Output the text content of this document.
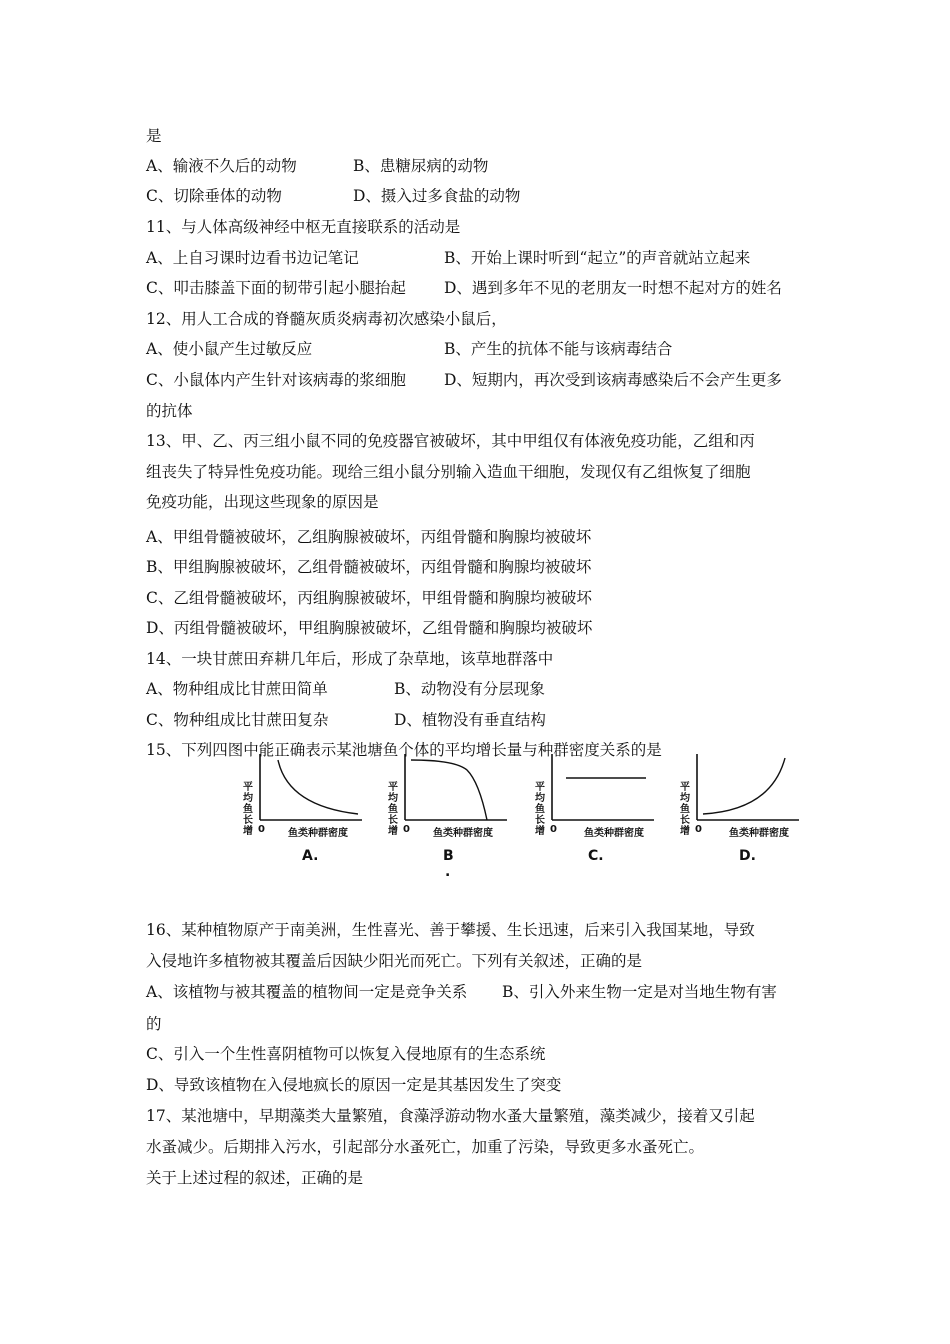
是
A、输液不久后的动物	B、患糖尿病的动物
C、切除垂体的动物	D、摄入过多食盐的动物
11、与人体高级神经中枢无直接联系的活动是
A、上自习课时边看书边记笔记	B、开始上课时听到“起立”的声音就站立起来
C、叩击膝盖下面的韧带引起小腿抬起 D、遇到多年不见的老朋友一时想不起对方的姓名
12、用人工合成的脊髓灰质炎病毒初次感染小鼠后，
A、使小鼠产生过敏反应	B、产生的抗体不能与该病毒结合
C、小鼠体内产生针对该病毒的浆细胞 D、短期内，再次受到该病毒感染后不会产生更多
的抗体
13、甲、乙、丙三组小鼠不同的免疫器官被破坏，其中甲组仅有体液免疫功能，乙组和丙
组丧失了特异性免疫功能。现给三组小鼠分别输入造血干细胞，发现仅有乙组恢复了细胞
免疫功能，出现这些现象的原因是
A、甲组骨髓被破坏，乙组胸腺被破坏，丙组骨髓和胸腺均被破坏
B、甲组胸腺被破坏，乙组骨髓被破坏，丙组骨髓和胸腺均被破坏
C、乙组骨髓被破坏，丙组胸腺被破坏，甲组骨髓和胸腺均被破坏
D、丙组骨髓被破坏，甲组胸腺被破坏，乙组骨髓和胸腺均被破坏
14、一块甘蔗田弃耕几年后，形成了杂草地，该草地群落中
A、物种组成比甘蔗田简单	B、动物没有分层现象
C、物种组成比甘蔗田复杂	D、植物没有垂直结构
15、下列四图中能正确表示某池塘鱼个体的平均增长量与种群密度关系的是
平均鱼长增 0 鱼类种群密度
A.
平均鱼长增 0 鱼类种群密度
B
.
平均鱼长增 0	鱼类种群密度
C.
平均鱼长增 0	鱼类种群密度
D.
16、某种植物原产于南美洲，生性喜光、善于攀援、生长迅速，后来引入我国某地，导致
入侵地许多植物被其覆盖后因缺少阳光而死亡。下列有关叙述，正确的是
A、该植物与被其覆盖的植物间一定是竞争关系 B、引入外来生物一定是对当地生物有害
的
C、引入一个生性喜阴植物可以恢复入侵地原有的生态系统
D、导致该植物在入侵地疯长的原因一定是其基因发生了突变
17、某池塘中，早期藻类大量繁殖，食藻浮游动物水蚤大量繁殖，藻类减少，接着又引起
水蚤减少。后期排入污水，引起部分水蚤死亡，加重了污染，导致更多水蚤死亡。
关于上述过程的叙述，正确的是
